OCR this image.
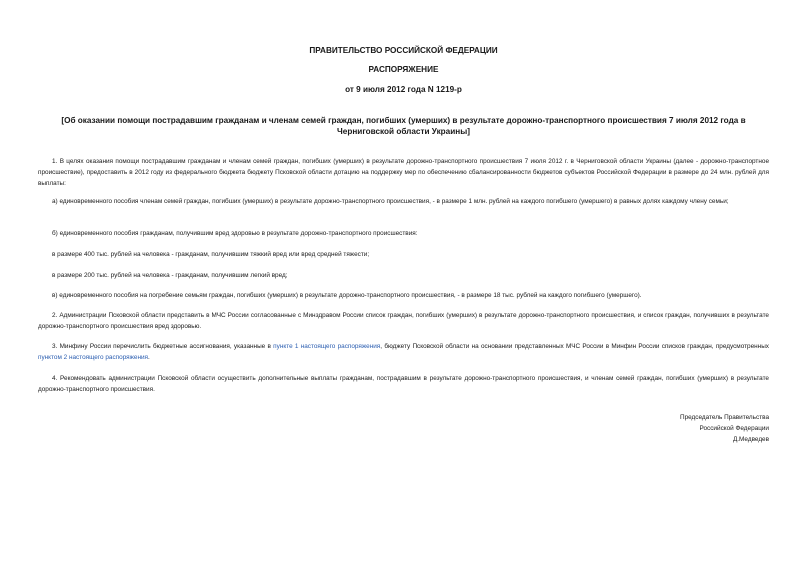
ПРАВИТЕЛЬСТВО РОССИЙСКОЙ ФЕДЕРАЦИИ
РАСПОРЯЖЕНИЕ
от 9 июля 2012 года N 1219-р
[Об оказании помощи пострадавшим гражданам и членам семей граждан, погибших (умерших) в результате дорожно-транспортного происшествия 7 июля 2012 года в Черниговской области Украины]
1. В целях оказания помощи пострадавшим гражданам и членам семей граждан, погибших (умерших) в результате дорожно-транспортного происшествия 7 июля 2012 г. в Черниговской области Украины (далее - дорожно-транспортное происшествие), предоставить в 2012 году из федерального бюджета бюджету Псковской области дотацию на поддержку мер по обеспечению сбалансированности бюджетов субъектов Российской Федерации в размере до 24 млн. рублей для выплаты:
а) единовременного пособия членам семей граждан, погибших (умерших) в результате дорожно-транспортного происшествия, - в размере 1 млн. рублей на каждого погибшего (умершего) в равных долях каждому члену семьи;
б) единовременного пособия гражданам, получившим вред здоровью в результате дорожно-транспортного происшествия:
в размере 400 тыс. рублей на человека - гражданам, получившим тяжкий вред или вред средней тяжести;
в размере 200 тыс. рублей на человека - гражданам, получившим легкий вред;
в) единовременного пособия на погребение семьям граждан, погибших (умерших) в результате дорожно-транспортного происшествия, - в размере 18 тыс. рублей на каждого погибшего (умершего).
2. Администрации Псковской области представить в МЧС России согласованные с Минздравом России список граждан, погибших (умерших) в результате дорожно-транспортного происшествия, и список граждан, получивших в результате дорожно-транспортного происшествия вред здоровью.
3. Минфину России перечислить бюджетные ассигнования, указанные в пункте 1 настоящего распоряжения, бюджету Псковской области на основании представленных МЧС России в Минфин России списков граждан, предусмотренных пунктом 2 настоящего распоряжения.
4. Рекомендовать администрации Псковской области осуществить дополнительные выплаты гражданам, пострадавшим в результате дорожно-транспортного происшествия, и членам семей граждан, погибших (умерших) в результате дорожно-транспортного происшествия.
Председатель Правительства
Российской Федерации
Д.Медведев
